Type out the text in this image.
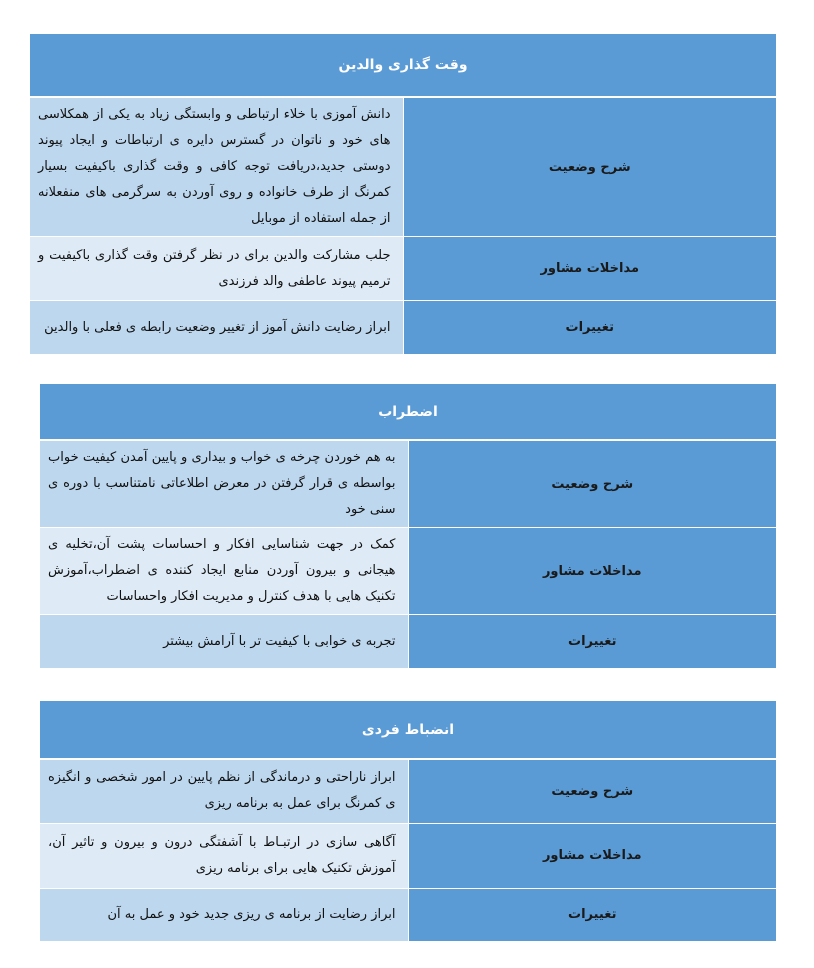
وقت گذاری والدین	
شرح وضعیت	دانش آموزی با خلاء ارتباطی و وابستگی زیاد به یکی از همکلاسی های خود و ناتوان در گسترس دایره ی ارتباطات و ایجاد پیوند دوستی جدید،دریافت توجه کافی و وقت گذاری باکیفیت بسیار کمرنگ از طرف خانواده و روی آوردن به سرگرمی های منفعلانه از جمله استفاده از موبایل
مداخلات مشاور	جلب مشارکت والدین برای در نظر گرفتن وقت گذاری باکیفیت و ترمیم پیوند عاطفی والد فرزندی
تغییرات	ابراز رضایت دانش آموز از تغییر وضعیت رابطه ی فعلی با والدین
اضطراب	
شرح وضعیت	به هم خوردن چرخه ی خواب و بیداری و پایین آمدن کیفیت خواب بواسطه ی قرار گرفتن در معرض اطلاعاتی نامتناسب با دوره ی سنی خود
مداخلات مشاور	کمک در جهت شناسایی افکار و احساسات پشت آن،تخلیه ی هیجانی و بیرون آوردن منابع ایجاد کننده ی اضطراب،آموزش تکنیک هایی با هدف کنترل و مدیریت افکار واحساسات
تغییرات	تجربه ی خوابی با کیفیت تر با آرامش بیشتر
انضباط فردی	
شرح وضعیت	ابراز ناراحتی و درماندگی از نظم پایین در امور شخصی و انگیزه ی کمرنگ برای عمل به برنامه ریزی
مداخلات مشاور	آگاهی سازی در ارتبـاط با آشفتگی درون و بیرون و تاثیر آن، آموزش تکنیک هایی برای برنامه ریزی
تغییرات	ابراز رضایت از برنامه ی ریزی جدید خود و عمل به آن
